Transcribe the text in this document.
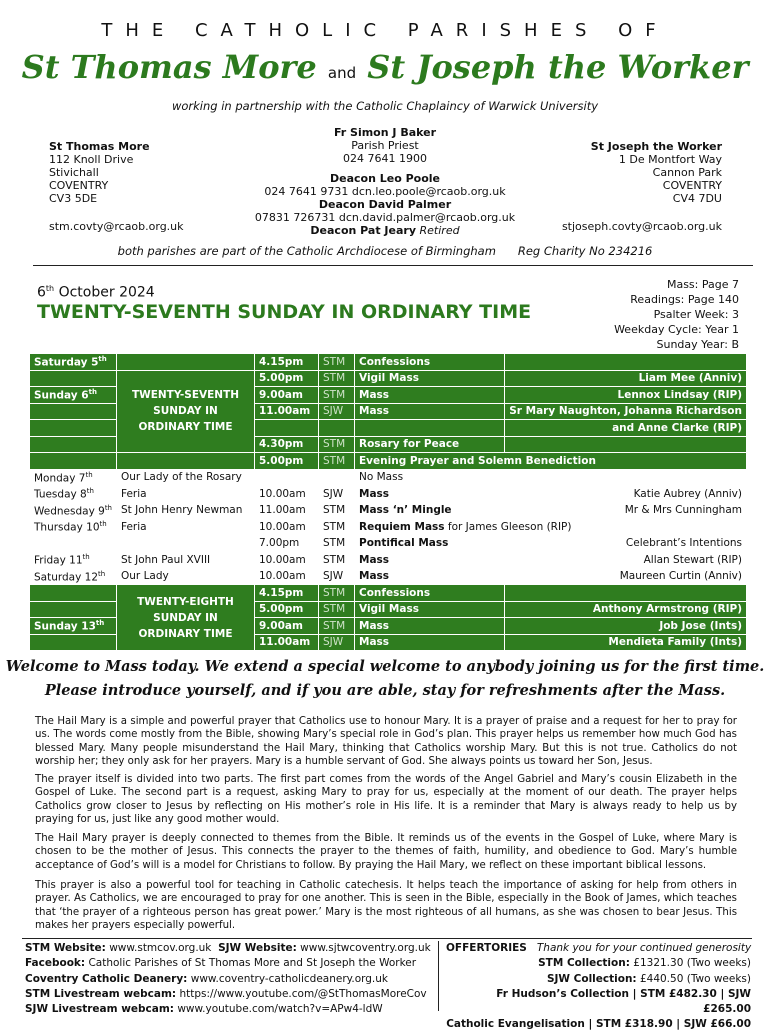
THE CATHOLIC PARISHES OF
St Thomas More and St Joseph the Worker
working in partnership with the Catholic Chaplaincy of Warwick University
St Thomas More
112 Knoll Drive
Stivichall
COVENTRY
CV3 5DE
stm.covty@rcaob.org.uk
Fr Simon J Baker
Parish Priest
024 7641 1900
Deacon Leo Poole
024 7641 9731 dcn.leo.poole@rcaob.org.uk
Deacon David Palmer
07831 726731 dcn.david.palmer@rcaob.org.uk
Deacon Pat Jeary Retired
St Joseph the Worker
1 De Montfort Way
Cannon Park
COVENTRY
CV4 7DU
stjoseph.covty@rcaob.org.uk
both parishes are part of the Catholic Archdiocese of Birmingham      Reg Charity No 234216
6th October 2024
TWENTY-SEVENTH SUNDAY IN ORDINARY TIME
Mass: Page 7
Readings: Page 140
Psalter Week: 3
Weekday Cycle: Year 1
Sunday Year: B
Saturday 5th		4.15pm	STM	Confessions	
	TWENTY-SEVENTH SUNDAY IN ORDINARY TIME	5.00pm	STM	Vigil Mass	Liam Mee (Anniv)
Sunday 6th		9.00am	STM	Mass	Lennox Lindsay (RIP)
		11.00am	SJW	Mass	Sr Mary Naughton, Johanna Richardson
					and Anne Clarke (RIP)
		4.30pm	STM	Rosary for Peace	
		5.00pm	STM	Evening Prayer and Solemn Benediction	
Monday 7th	Our Lady of the Rosary			No Mass	
Tuesday 8th	Feria	10.00am	SJW	Mass	Katie Aubrey (Anniv)
Wednesday 9th	St John Henry Newman	11.00am	STM	Mass ‘n’ Mingle	Mr & Mrs Cunningham
Thursday 10th	Feria	10.00am	STM	Requiem Mass for James Gleeson (RIP)	
		7.00pm	STM	Pontifical Mass	Celebrant’s Intentions
Friday 11th	St John Paul XVIII	10.00am	STM	Mass	Allan Stewart (RIP)
Saturday 12th	Our Lady	10.00am	SJW	Mass	Maureen Curtin (Anniv)
	TWENTY-EIGHTH SUNDAY IN ORDINARY TIME	4.15pm	STM	Confessions	
		5.00pm	STM	Vigil Mass	Anthony Armstrong (RIP)
Sunday 13th		9.00am	STM	Mass	Job Jose (Ints)
		11.00am	SJW	Mass	Mendieta Family (Ints)
Welcome to Mass today. We extend a special welcome to anybody joining us for the first time.
Please introduce yourself, and if you are able, stay for refreshments after the Mass.
The Hail Mary is a simple and powerful prayer that Catholics use to honour Mary. It is a prayer of praise and a request for her to pray for us. The words come mostly from the Bible, showing Mary’s special role in God’s plan. This prayer helps us remember how much God has blessed Mary. Many people misunderstand the Hail Mary, thinking that Catholics worship Mary. But this is not true. Catholics do not worship her; they only ask for her prayers. Mary is a humble servant of God. She always points us toward her Son, Jesus.
The prayer itself is divided into two parts. The first part comes from the words of the Angel Gabriel and Mary’s cousin Elizabeth in the Gospel of Luke. The second part is a request, asking Mary to pray for us, especially at the moment of our death. The prayer helps Catholics grow closer to Jesus by reflecting on His mother’s role in His life. It is a reminder that Mary is always ready to help us by praying for us, just like any good mother would.
The Hail Mary prayer is deeply connected to themes from the Bible. It reminds us of the events in the Gospel of Luke, where Mary is chosen to be the mother of Jesus. This connects the prayer to the themes of faith, humility, and obedience to God. Mary’s humble acceptance of God’s will is a model for Christians to follow. By praying the Hail Mary, we reflect on these important biblical lessons.
This prayer is also a powerful tool for teaching in Catholic catechesis. It helps teach the importance of asking for help from others in prayer. As Catholics, we are encouraged to pray for one another. This is seen in the Bible, especially in the Book of James, which teaches that ‘the prayer of a righteous person has great power.’ Mary is the most righteous of all humans, as she was chosen to bear Jesus. This makes her prayers especially powerful.
STM Website: www.stmcov.org.uk  SJW Website: www.sjtwcoventry.org.uk
Facebook: Catholic Parishes of St Thomas More and St Joseph the Worker
Coventry Catholic Deanery: www.coventry-catholicdeanery.org.uk
STM Livestream webcam: https://www.youtube.com/@StThomasMoreCov
SJW Livestream webcam: www.youtube.com/watch?v=APw4-ldW
OFFERTORIES Thank you for your continued generosity
STM Collection: £1321.30 (Two weeks)
SJW Collection: £440.50 (Two weeks)
Fr Hudson’s Collection | STM £482.30 | SJW £265.00
Catholic Evangelisation | STM £318.90 | SJW £66.00
